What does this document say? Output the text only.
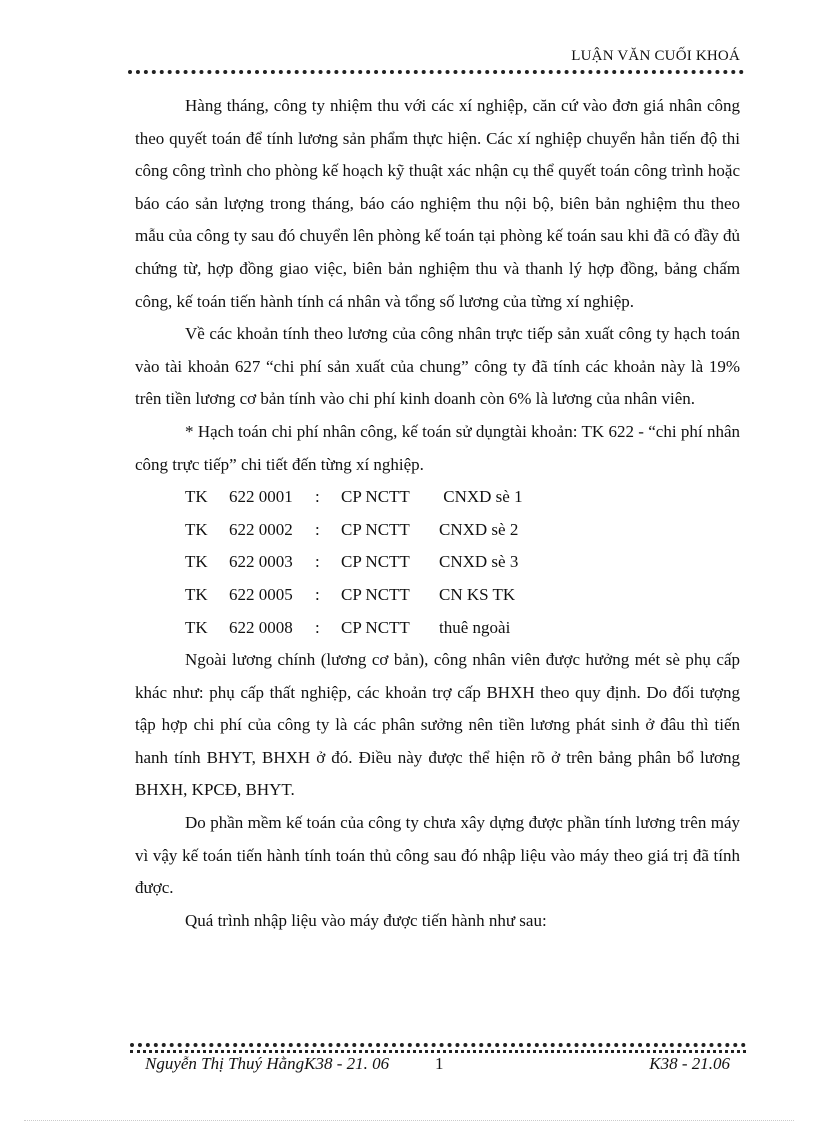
LUẬN VĂN CUỐI KHOÁ

Hàng tháng, công ty nhiệm thu với các xí nghiệp, căn cứ vào đơn giá nhân công theo quyết toán để tính lương sản phẩm thực hiện. Các xí nghiệp chuyển hẳn tiến độ thi công công trình cho phòng kế hoạch kỹ thuật xác nhận cụ thể quyết toán công trình hoặc báo cáo sản lượng trong tháng, báo cáo nghiệm thu nội bộ, biên bản nghiệm thu theo mẫu của công ty sau đó chuyển lên phòng kế toán tại phòng kế toán sau khi đã có đầy đủ chứng từ, hợp đồng giao việc, biên bản nghiệm thu và thanh lý hợp đồng, bảng chấm công, kế toán tiến hành tính cá nhân và tổng số lương của từng xí nghiệp.

Về các khoản tính theo lương của công nhân trực tiếp sản xuất công ty hạch toán vào tài khoản 627 “chi phí sản xuất của chung” công ty đã tính các khoản này là 19% trên tiền lương cơ bản tính vào chi phí kinh doanh còn 6% là lương của nhân viên.

* Hạch toán chi phí nhân công, kế toán sử dụngtài khoản: TK 622 - “chi phí nhân công trực tiếp” chi tiết đến từng xí nghiệp.

TK 622 0001 : CP NCTT CNXD sè 1
TK 622 0002 : CP NCTT CNXD sè 2
TK 622 0003 : CP NCTT CNXD sè 3
TK 622 0005 : CP NCTT CN KS TK
TK 622 0008 : CP NCTT thuê ngoài

Ngoài lương chính (lương cơ bản), công nhân viên được hưởng mét sè phụ cấp khác như: phụ cấp thất nghiệp, các khoản trợ cấp BHXH theo quy định. Do đối tượng tập hợp chi phí của công ty là các phân sưởng nên tiền lương phát sinh ở đâu thì tiến hanh tính BHYT, BHXH ở đó. Điều này được thể hiện rõ ở trên bảng phân bổ lương BHXH, KPCĐ, BHYT.

Do phần mềm kế toán của công ty chưa xây dựng được phần tính lương trên máy vì vậy kế toán tiến hành tính toán thủ công sau đó nhập liệu vào máy theo giá trị đã tính được.

Quá trình nhập liệu vào máy được tiến hành như sau:

Nguyễn Thị Thuý HằngK38 - 21. 06	1	K38 - 21.06
